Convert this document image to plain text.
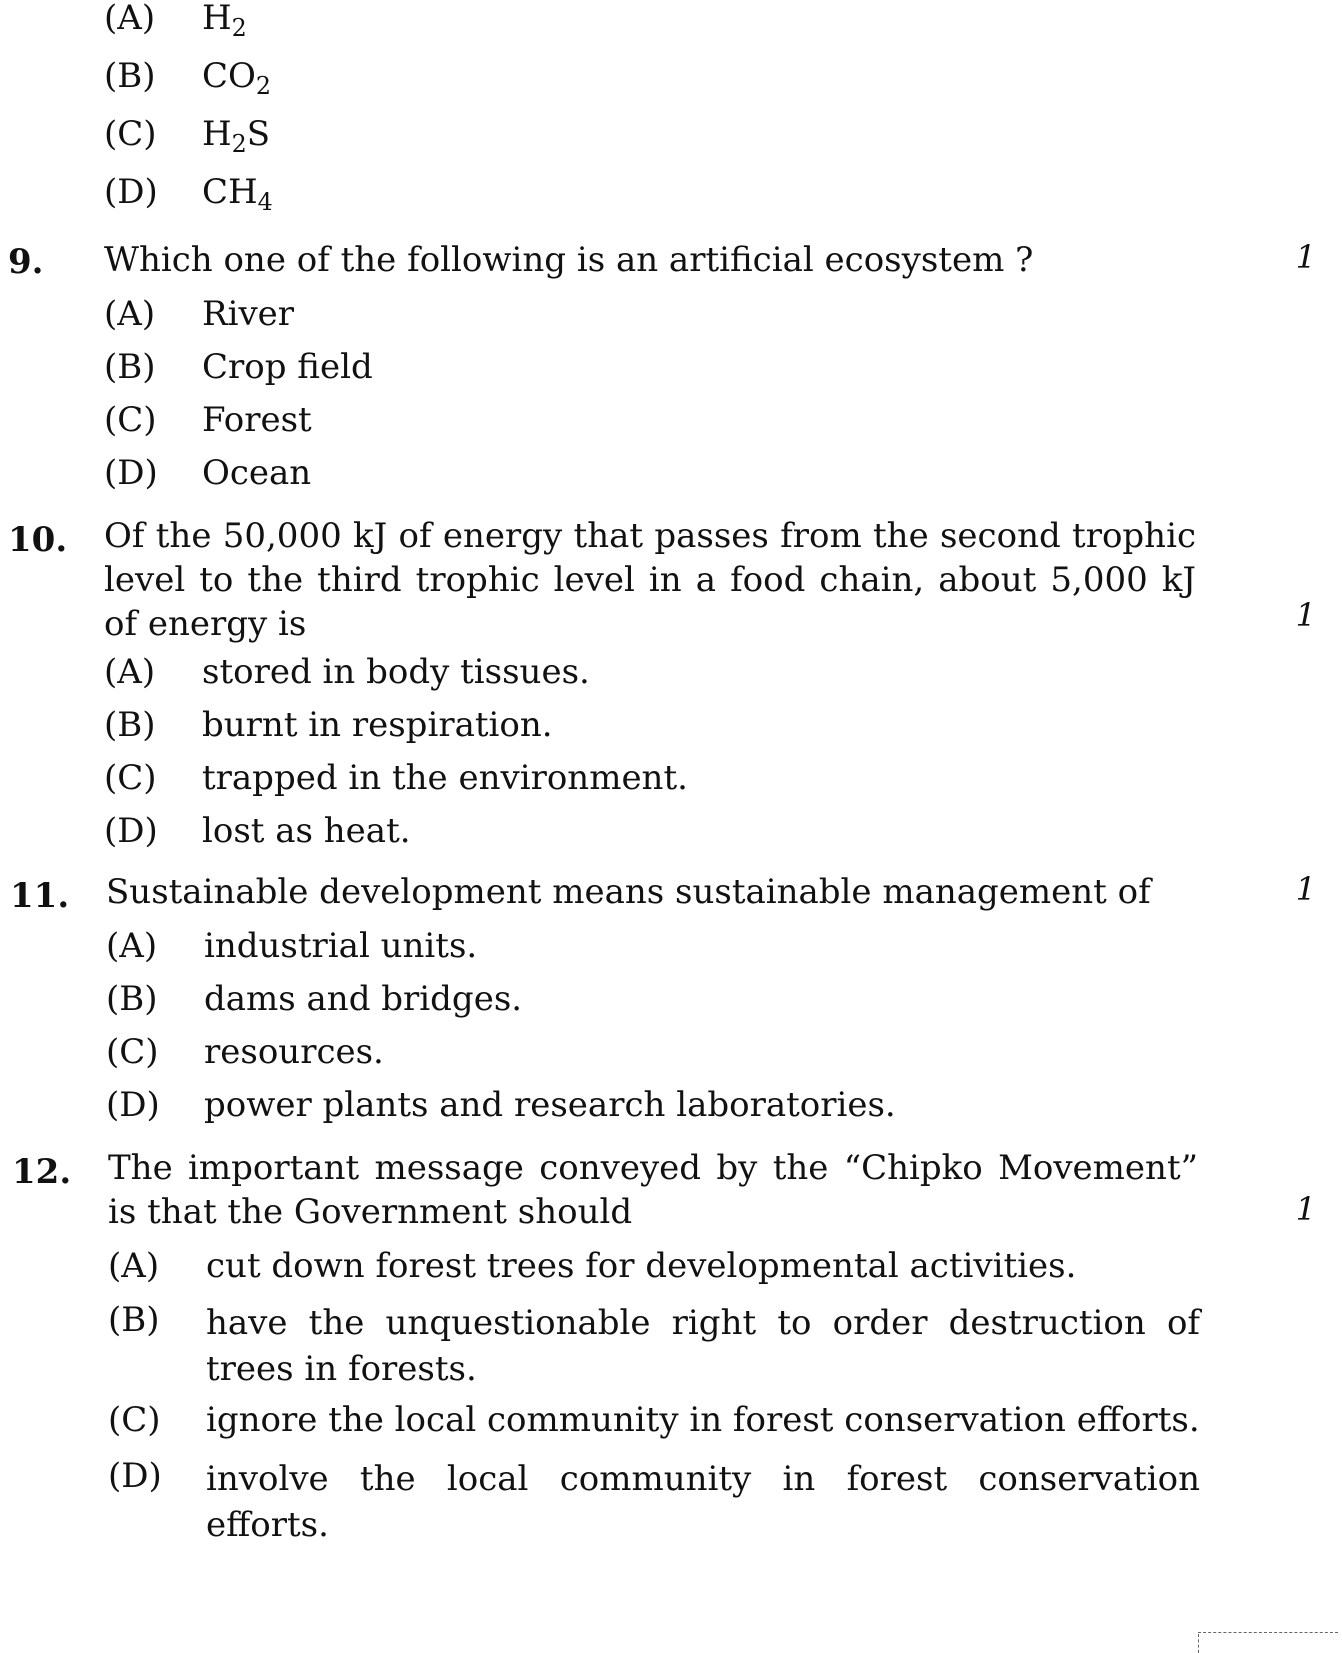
(A) $H_2$
(B) $CO_2$
(C) $H_2S$
(D) $CH_4$
9. Which one of the following is an artificial ecosystem ?	1
(A) River
(B) Crop field
(C) Forest
(D) Ocean
10. Of the 50,000 kJ of energy that passes from the second trophic level to the third trophic level in a food chain, about 5,000 kJ of energy is	1
(A) stored in body tissues.
(B) burnt in respiration.
(C) trapped in the environment.
(D) lost as heat.
11. Sustainable development means sustainable management of	1
(A) industrial units.
(B) dams and bridges.
(C) resources.
(D) power plants and research laboratories.
12. The important message conveyed by the “Chipko Movement” is that the Government should	1
(A) cut down forest trees for developmental activities.
(B) have the unquestionable right to order destruction of trees in forests.
(C) ignore the local community in forest conservation efforts.
(D) involve the local community in forest conservation efforts.
